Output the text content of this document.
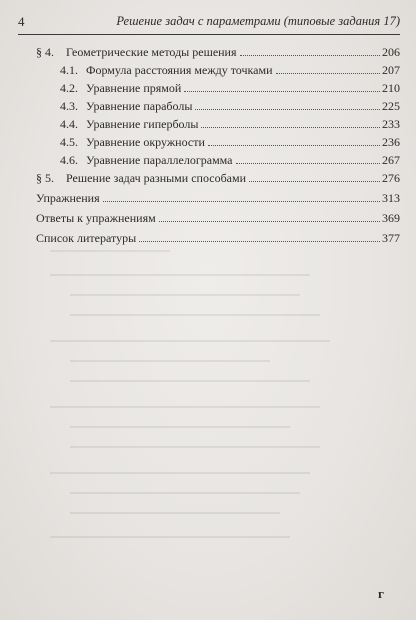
4	Решение задач с параметрами (типовые задания 17)
§ 4.	Геометрические методы решения	206
4.1. Формула расстояния между точками	207
4.2. Уравнение прямой	210
4.3. Уравнение параболы	225
4.4. Уравнение гиперболы	233
4.5. Уравнение окружности	236
4.6. Уравнение параллелограмма	267
§ 5.	Решение задач разными способами	276
Упражнения	313
Ответы к упражнениям	369
Список литературы	377
г
